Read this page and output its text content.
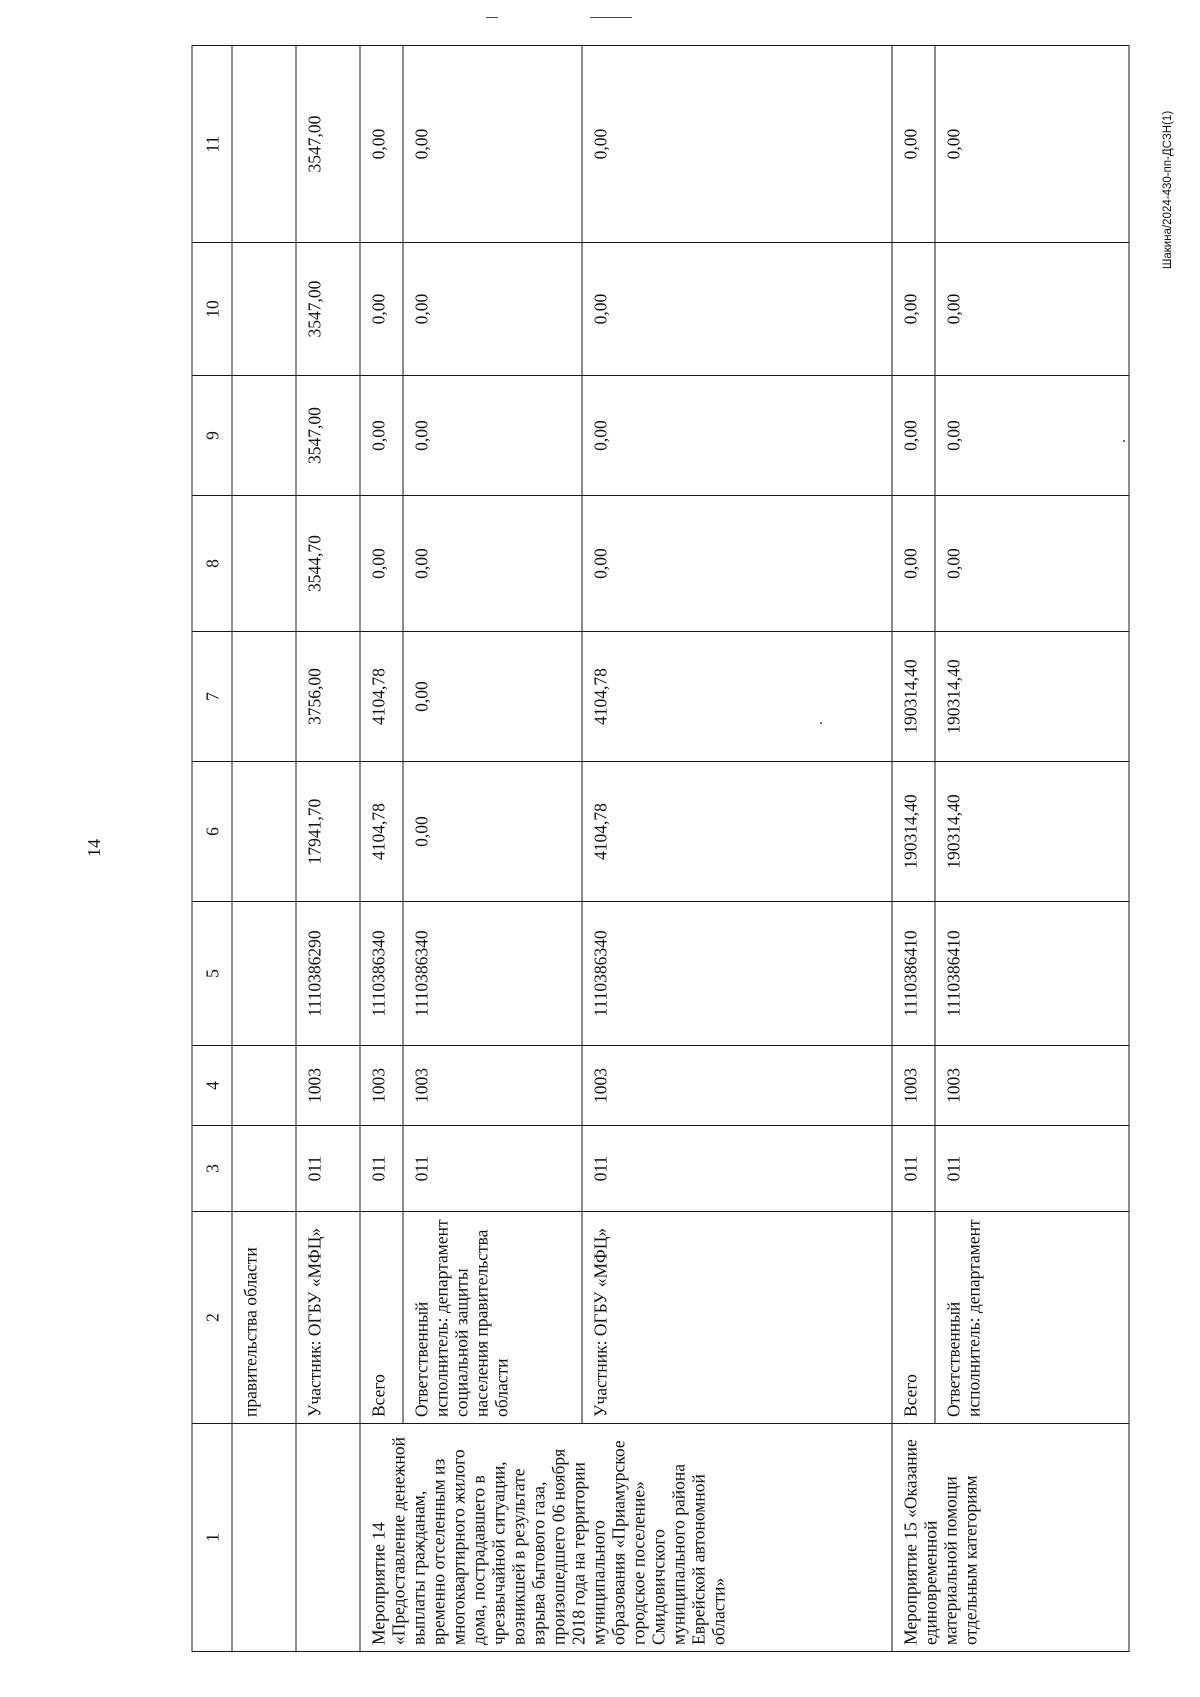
14
Шакина/2024-430-пп-ДСЗН(1)
1	2	3	4	5	6	7	8	9	10	11
	правительства области									
	Участник: ОГБУ «МФЦ»	011	1003	1110386290	17941,70	3756,00	3544,70	3547,00	3547,00	3547,00
Мероприятие 14 «Предоставление денежной выплаты гражданам, временно отселенным из многоквартирного жилого дома, пострадавшего в чрезвычайной ситуации, возникшей в результате взрыва бытового газа, произошедшего 06 ноября 2018 года на территории муниципального образования «Приамурское городское поселение» Смидовичского муниципального района Еврейской автономной области»	Всего	011	1003	1110386340	4104,78	4104,78	0,00	0,00	0,00	0,00
	Ответственный исполнитель: департамент социальной защиты населения правительства области	011	1003	1110386340	0,00	0,00	0,00	0,00	0,00	0,00
	Участник: ОГБУ «МФЦ»	011	1003	1110386340	4104,78	4104,78	0,00	0,00	0,00	0,00
Мероприятие 15 «Оказание единовременной материальной помощи отдельным категориям	Всего	011	1003	1110386410	190314,40	190314,40	0,00	0,00	0,00	0,00
	Ответственный исполнитель: департамент	011	1003	1110386410	190314,40	190314,40	0,00	0,00	0,00	0,00
